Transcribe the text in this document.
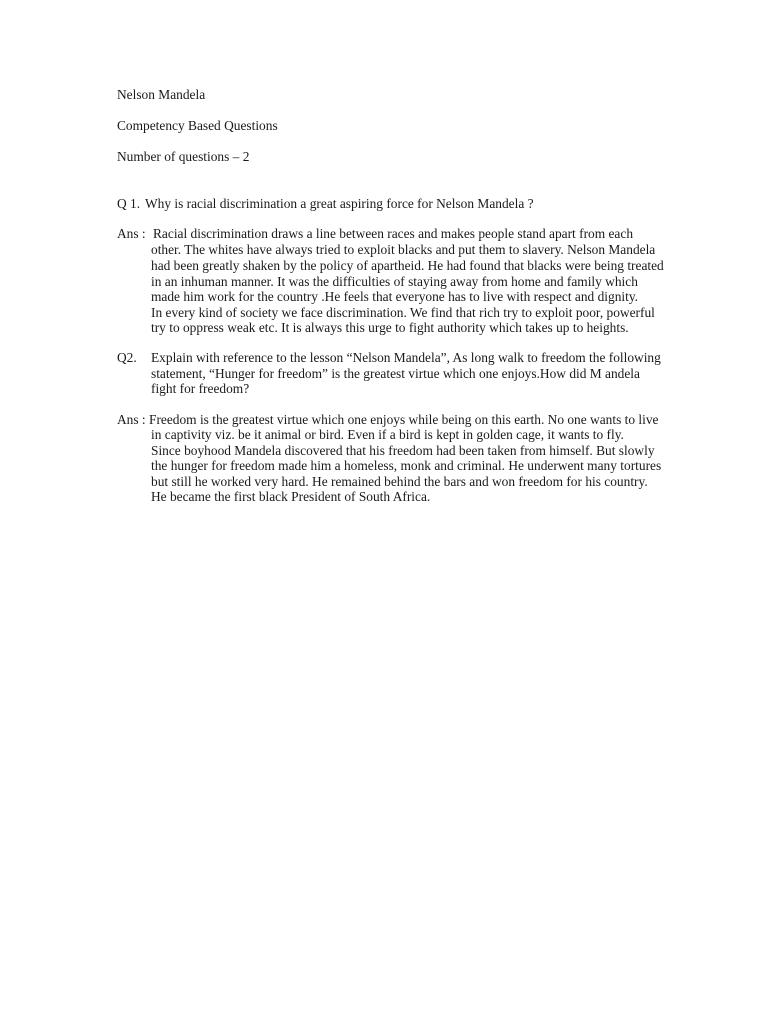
Nelson Mandela
Competency Based Questions
Number of questions – 2
Q 1. Why is racial discrimination a great aspiring force for Nelson Mandela ?
Ans : Racial discrimination draws a line between races and makes people stand apart from each
other. The whites have always tried to exploit blacks and put them to slavery. Nelson Mandela
had been greatly shaken by the policy of apartheid. He had found that blacks were being treated
in an inhuman manner. It was the difficulties of staying away from home and family which
made him work for the country .He feels that everyone has to live with respect and dignity.
In every kind of society we face discrimination. We find that rich try to exploit poor, powerful
try to oppress weak etc. It is always this urge to fight authority which takes up to heights.
Q2. Explain with reference to the lesson “Nelson Mandela”, As long walk to freedom the following
statement, “Hunger for freedom” is the greatest virtue which one enjoys.How did M andela
fight for freedom?
Ans : Freedom is the greatest virtue which one enjoys while being on this earth. No one wants to live
in captivity viz. be it animal or bird. Even if a bird is kept in golden cage, it wants to fly.
Since boyhood Mandela discovered that his freedom had been taken from himself. But slowly
the hunger for freedom made him a homeless, monk and criminal. He underwent many tortures
but still he worked very hard. He remained behind the bars and won freedom for his country.
He became the first black President of South Africa.
